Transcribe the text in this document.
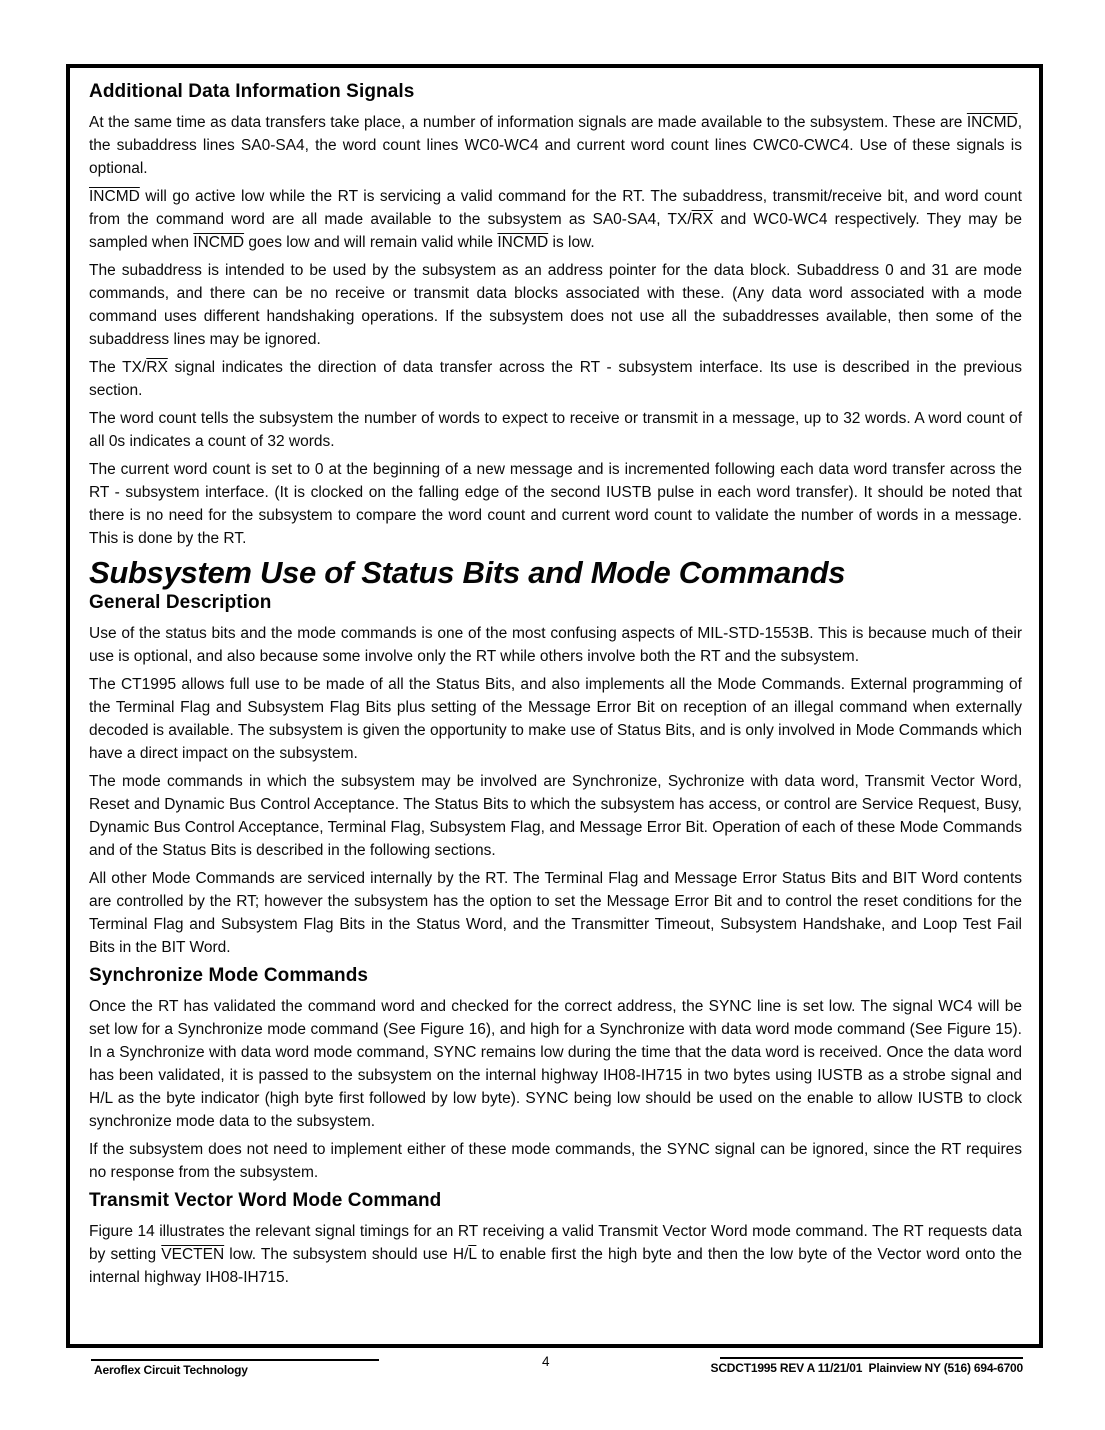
Additional Data Information Signals

At the same time as data transfers take place, a number of information signals are made available to the subsystem. These are INCMD, the subaddress lines SA0-SA4, the word count lines WC0-WC4 and current word count lines CWC0-CWC4. Use of these signals is optional.

INCMD will go active low while the RT is servicing a valid command for the RT. The subaddress, transmit/receive bit, and word count from the command word are all made available to the subsystem as SA0-SA4, $TX/\overline{RX}$ and WC0-WC4 respectively. They may be sampled when INCMD goes low and will remain valid while INCMD is low.

The subaddress is intended to be used by the subsystem as an address pointer for the data block. Subaddress 0 and 31 are mode commands, and there can be no receive or transmit data blocks associated with these. (Any data word associated with a mode command uses different handshaking operations. If the subsystem does not use all the subaddresses available, then some of the subaddress lines may be ignored.

The $TX/\overline{RX}$ signal indicates the direction of data transfer across the RT - subsystem interface. Its use is described in the previous section.

The word count tells the subsystem the number of words to expect to receive or transmit in a message, up to 32 words. A word count of all 0s indicates a count of 32 words.

The current word count is set to 0 at the beginning of a new message and is incremented following each data word transfer across the RT - subsystem interface. (It is clocked on the falling edge of the second IUSTB pulse in each word transfer). It should be noted that there is no need for the subsystem to compare the word count and current word count to validate the number of words in a message. This is done by the RT.

Subsystem Use of Status Bits and Mode Commands
General Description

Use of the status bits and the mode commands is one of the most confusing aspects of MIL-STD-1553B. This is because much of their use is optional, and also because some involve only the RT while others involve both the RT and the subsystem.

The CT1995 allows full use to be made of all the Status Bits, and also implements all the Mode Commands. External programming of the Terminal Flag and Subsystem Flag Bits plus setting of the Message Error Bit on reception of an illegal command when externally decoded is available. The subsystem is given the opportunity to make use of Status Bits, and is only involved in Mode Commands which have a direct impact on the subsystem.

The mode commands in which the subsystem may be involved are Synchronize, Sychronize with data word, Transmit Vector Word, Reset and Dynamic Bus Control Acceptance. The Status Bits to which the subsystem has access, or control are Service Request, Busy, Dynamic Bus Control Acceptance, Terminal Flag, Subsystem Flag, and Message Error Bit. Operation of each of these Mode Commands and of the Status Bits is described in the following sections.

All other Mode Commands are serviced internally by the RT. The Terminal Flag and Message Error Status Bits and BIT Word contents are controlled by the RT; however the subsystem has the option to set the Message Error Bit and to control the reset conditions for the Terminal Flag and Subsystem Flag Bits in the Status Word, and the Transmitter Timeout, Subsystem Handshake, and Loop Test Fail Bits in the BIT Word.

Synchronize Mode Commands

Once the RT has validated the command word and checked for the correct address, the SYNC line is set low. The signal WC4 will be set low for a Synchronize mode command (See Figure 16), and high for a Synchronize with data word mode command (See Figure 15). In a Synchronize with data word mode command, SYNC remains low during the time that the data word is received. Once the data word has been validated, it is passed to the subsystem on the internal highway IH08-IH715 in two bytes using IUSTB as a strobe signal and H/L as the byte indicator (high byte first followed by low byte). SYNC being low should be used on the enable to allow IUSTB to clock synchronize mode data to the subsystem.

If the subsystem does not need to implement either of these mode commands, the SYNC signal can be ignored, since the RT requires no response from the subsystem.

Transmit Vector Word Mode Command

Figure 14 illustrates the relevant signal timings for an RT receiving a valid Transmit Vector Word mode command. The RT requests data by setting VECTEN low. The subsystem should use $H/\overline{L}$ to enable first the high byte and then the low byte of the Vector word onto the internal highway IH08-IH715.

Aeroflex Circuit Technology
4	SCDCT1995 REV A 11/21/01  Plainview NY (516) 694-6700
